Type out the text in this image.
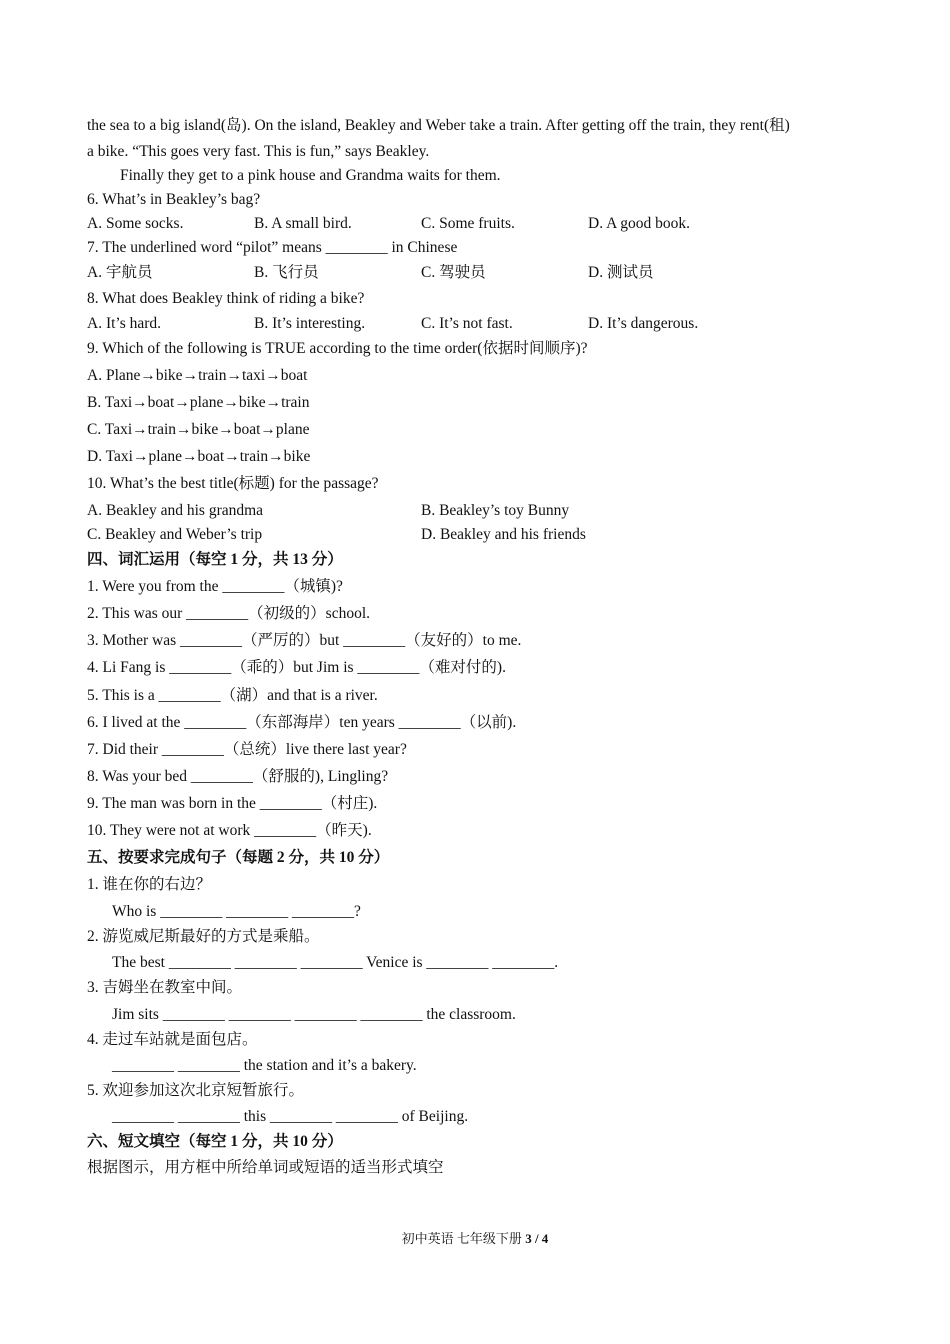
the sea to a big island(岛). On the island, Beakley and Weber take a train. After getting off the train, they rent(租)
a bike. “This goes very fast. This is fun,” says Beakley.
Finally they get to a pink house and Grandma waits for them.
6. What’s in Beakley’s bag?
A. Some socks.	B. A small bird.	C. Some fruits.	D. A good book.
7. The underlined word “pilot” means ________ in Chinese
A. 宇航员	B. 飞行员	C. 驾驶员	D. 测试员
8. What does Beakley think of riding a bike?
A. It’s hard.	B. It’s interesting.	C. It’s not fast.	D. It’s dangerous.
9. Which of the following is TRUE according to the time order(依据时间顺序)?
A. Plane→bike→train→taxi→boat
B. Taxi→boat→plane→bike→train
C. Taxi→train→bike→boat→plane
D. Taxi→plane→boat→train→bike
10. What’s the best title(标题) for the passage?
A. Beakley and his grandma	B. Beakley’s toy Bunny
C. Beakley and Weber’s trip	D. Beakley and his friends
四、词汇运用（每空 1 分，共 13 分）
1. Were you from the ________（城镇)?
2. This was our ________（初级的）school.
3. Mother was ________（严厉的）but ________（友好的）to me.
4. Li Fang is ________（乖的）but Jim is ________（难对付的).
5. This is a ________（湖）and that is a river.
6. I lived at the ________（东部海岸）ten years ________（以前).
7. Did their ________（总统）live there last year?
8. Was your bed ________（舒服的), Lingling?
9. The man was born in the ________（村庄).
10. They were not at work ________（昨天).
五、按要求完成句子（每题 2 分，共 10 分）
1. 谁在你的右边？
Who is ________ ________ ________?
2. 游览威尼斯最好的方式是乘船。
The best ________ ________ ________ Venice is ________ ________.
3. 吉姆坐在教室中间。
Jim sits ________ ________ ________ ________ the classroom.
4. 走过车站就是面包店。
________ ________ the station and it’s a bakery.
5. 欢迎参加这次北京短暂旅行。
________ ________ this ________ ________ of Beijing.
六、短文填空（每空 1 分，共 10 分）
根据图示，用方框中所给单词或短语的适当形式填空
初中英语 七年级下册 3 / 4
